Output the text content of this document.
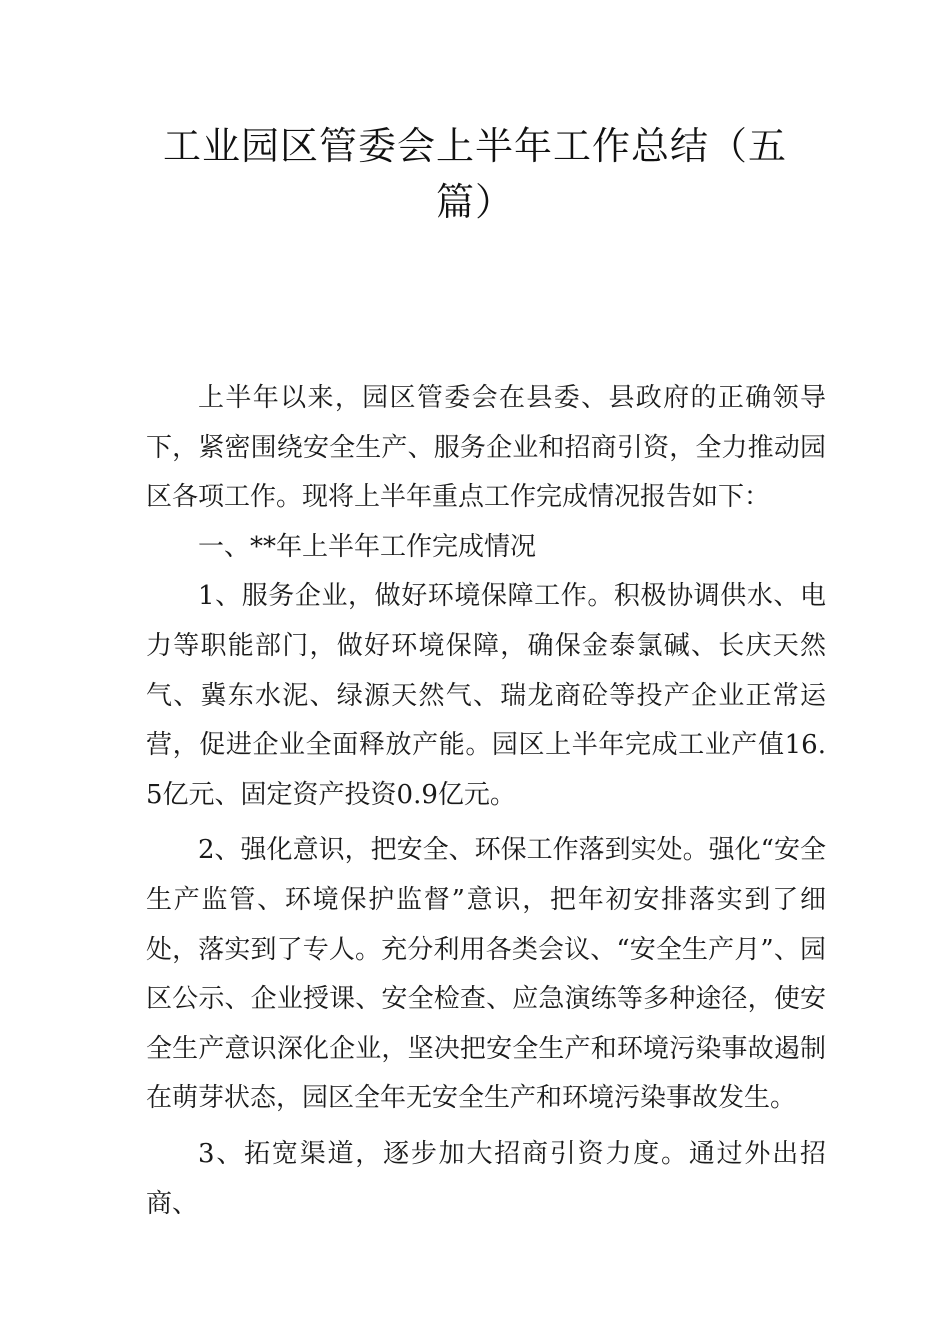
工业园区管委会上半年工作总结（五篇）

上半年以来，园区管委会在县委、县政府的正确领导下，紧密围绕安全生产、服务企业和招商引资，全力推动园区各项工作。现将上半年重点工作完成情况报告如下：

一、**年上半年工作完成情况

1、服务企业，做好环境保障工作。积极协调供水、电力等职能部门，做好环境保障，确保金泰氯碱、长庆天然气、冀东水泥、绿源天然气、瑞龙商砼等投产企业正常运营，促进企业全面释放产能。园区上半年完成工业产值16.5亿元、固定资产投资0.9亿元。

2、强化意识，把安全、环保工作落到实处。强化“安全生产监管、环境保护监督”意识，把年初安排落实到了细处，落实到了专人。充分利用各类会议、“安全生产月”、园区公示、企业授课、安全检查、应急演练等多种途径，使安全生产意识深化企业，坚决把安全生产和环境污染事故遏制在萌芽状态，园区全年无安全生产和环境污染事故发生。

3、拓宽渠道，逐步加大招商引资力度。通过外出招商、
